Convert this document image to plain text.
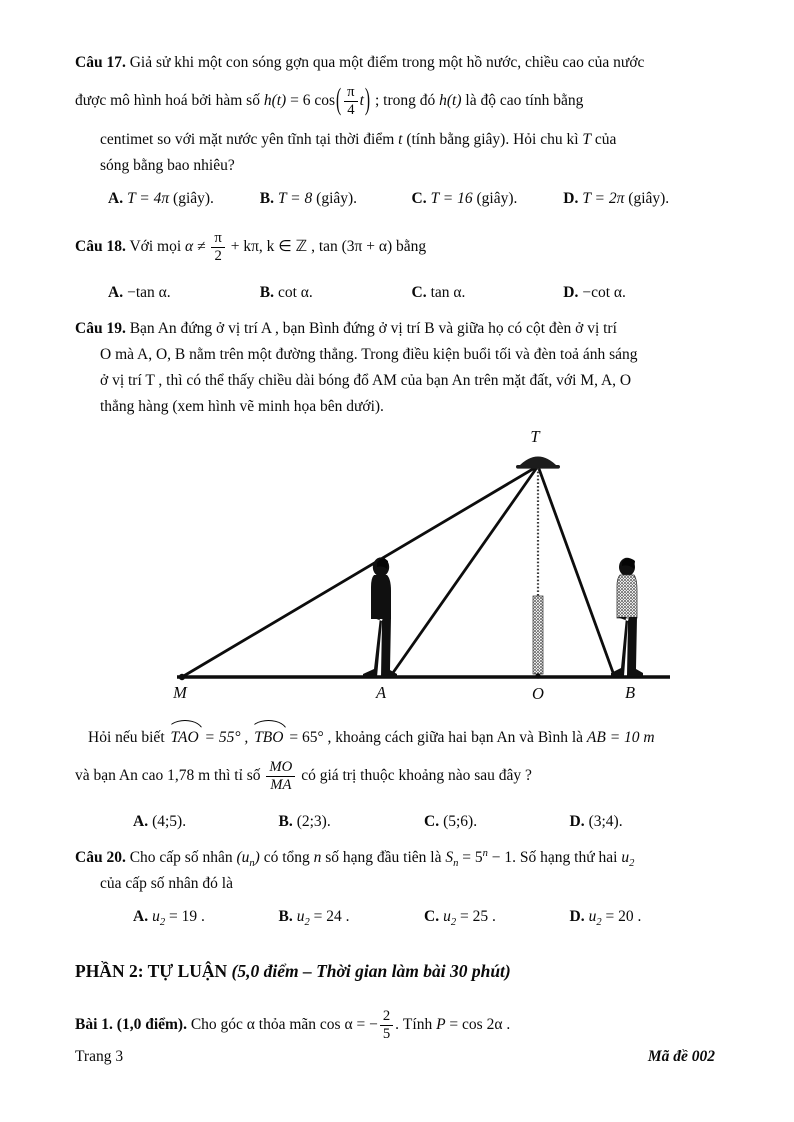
Câu 17. Giả sử khi một con sóng gợn qua một điểm trong một hồ nước, chiều cao của nước

được mô hình hoá bởi hàm số h(t) = 6 $\cos( \frac{\pi}{4} t)$ ; trong đó h(t) là độ cao tính bằng

centimet so với mặt nước yên tĩnh tại thời điểm t (tính bằng giây). Hỏi chu kì T của

sóng bằng bao nhiêu?

A. T = 4π (giây).	B. T = 8 (giây).	C. T = 16 (giây).	D. T = 2π (giây).

Câu 18. Với mọi $\alpha \ne \frac{\pi}{2} + k\pi$, k ∈ ℤ , tan (3π + α) bằng

A. −tan α.	B. cot α.	C. tan α.	D. −cot α.

Câu 19. Bạn An đứng ở vị trí A , bạn Bình đứng ở vị trí B và giữa họ có cột đèn ở vị trí

O mà A, O, B nằm trên một đường thẳng. Trong điều kiện buổi tối và đèn toả ánh sáng

ở vị trí T , thì có thể thấy chiều dài bóng đổ AM của bạn An trên mặt đất, với M, A, O

thẳng hàng (xem hình vẽ minh họa bên dưới).

T
M	A	O	B

Hỏi nếu biết TAO = 55° , TBO = 65° , khoảng cách giữa hai bạn An và Bình là AB = 10 m

và bạn An cao 1,78 m thì tỉ số $\frac{MO}{MA}$ có giá trị thuộc khoảng nào sau đây ?

A. (4;5).	B. (2;3).	C. (5;6).	D. (3;4).

Câu 20. Cho cấp số nhân $(u_n)$ có tổng n số hạng đầu tiên là $S_n = 5^n - 1$. Số hạng thứ hai $u_2$

của cấp số nhân đó là

A. $u_2 = 19$ .	B. $u_2 = 24$ .	C. $u_2 = 25$ .	D. $u_2 = 20$ .

PHẦN 2: TỰ LUẬN (5,0 điểm – Thời gian làm bài 30 phút)

Bài 1. (1,0 điểm). Cho góc α thỏa mãn cos α = − $\frac{2}{5}$ . Tính P = cos 2α .

Trang 3	Mã đề 002
